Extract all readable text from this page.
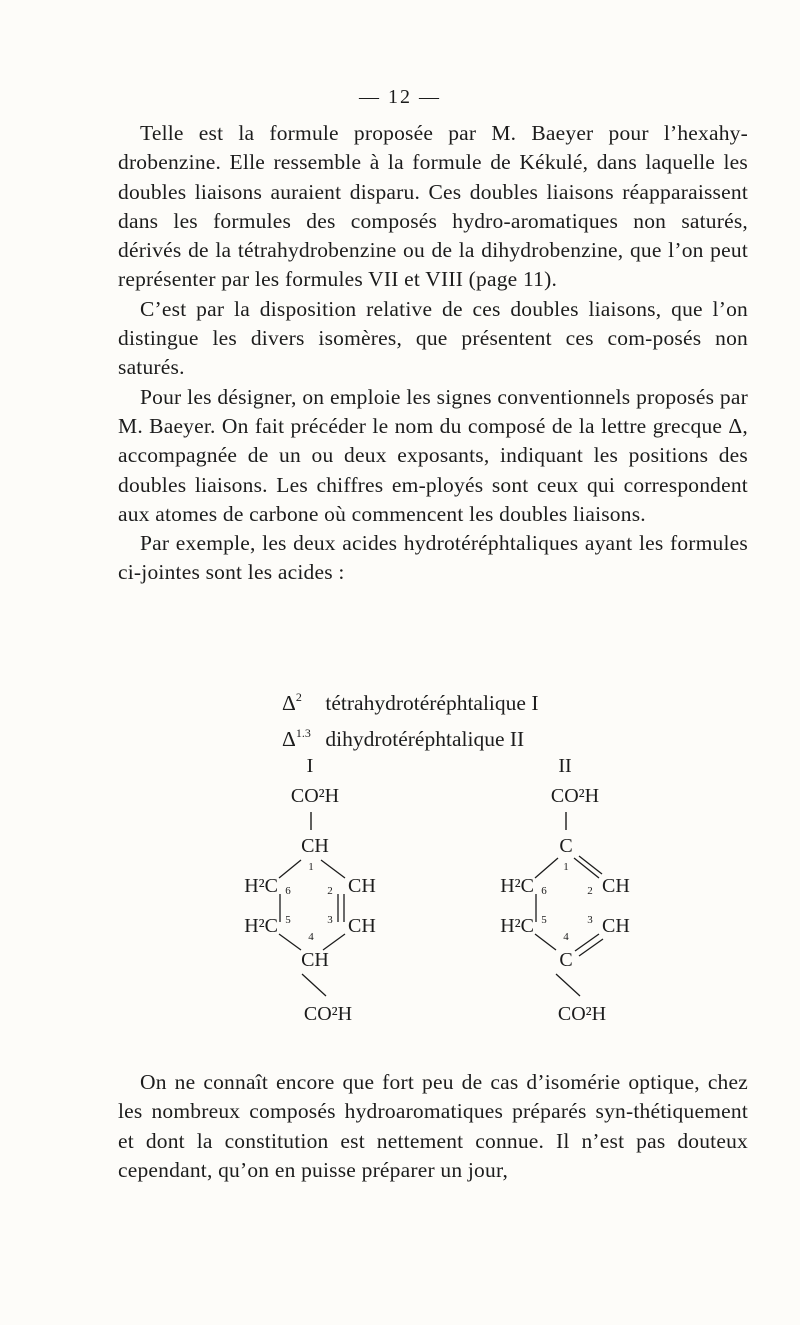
— 12 —

Telle est la formule proposée par M. Baeyer pour l’hexahy-drobenzine. Elle ressemble à la formule de Kékulé, dans laquelle les doubles liaisons auraient disparu. Ces doubles liaisons réapparaissent dans les formules des composés hydro-aromatiques non saturés, dérivés de la tétrahydrobenzine ou de la dihydrobenzine, que l’on peut représenter par les formules VII et VIII (page 11).

C’est par la disposition relative de ces doubles liaisons, que l’on distingue les divers isomères, que présentent ces com-posés non saturés.

Pour les désigner, on emploie les signes conventionnels proposés par M. Baeyer. On fait précéder le nom du composé de la lettre grecque Δ, accompagnée de un ou deux exposants, indiquant les positions des doubles liaisons. Les chiffres em-ployés sont ceux qui correspondent aux atomes de carbone où commencent les doubles liaisons.

Par exemple, les deux acides hydrotéréphtaliques ayant les formules ci-jointes sont les acides :

$\Delta^2$ tétrahydrotéréphtalique I
$\Delta^{1.3}$ dihydrotéréphtalique II
I
CO²H
CH
H²C	CH
H²C	CH
CH
1
2
3
4
5
6
CO²H
II
CO²H
C
H²C	CH
H²C	CH
C
1
2
3
4
5
6
CO²H

On ne connaît encore que fort peu de cas d’isomérie optique, chez les nombreux composés hydroaromatiques préparés syn-thétiquement et dont la constitution est nettement connue. Il n’est pas douteux cependant, qu’on en puisse préparer un jour,
